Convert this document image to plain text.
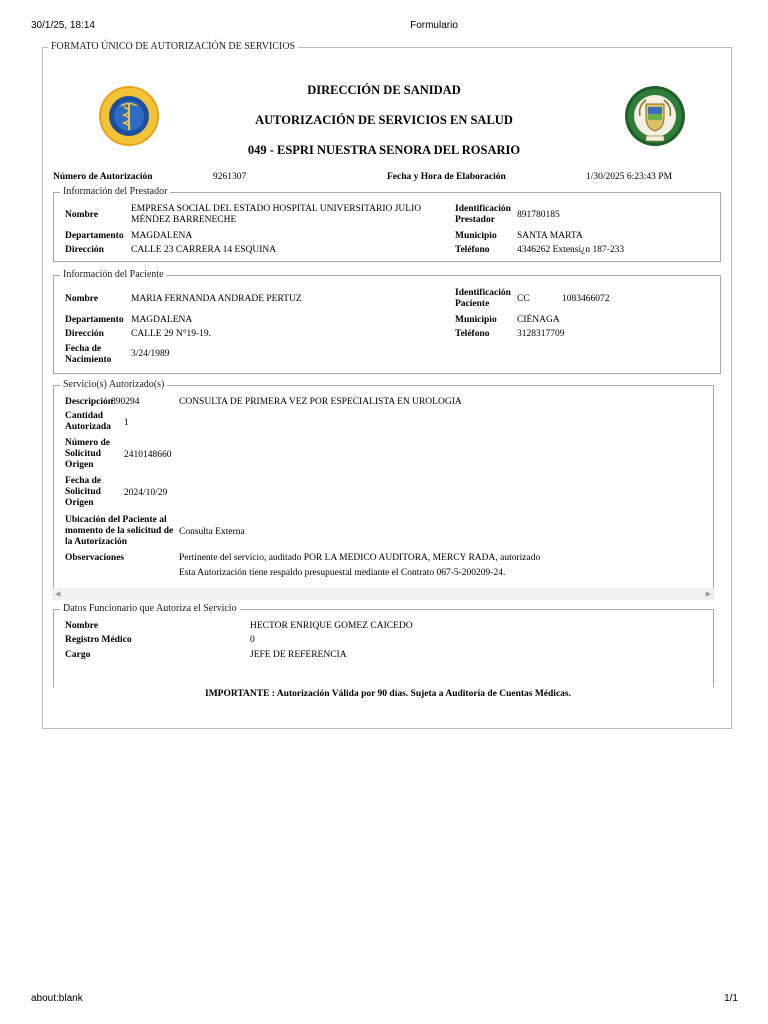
30/1/25, 18:14	Formulario
FORMATO ÚNICO DE AUTORIZACIÓN DE SERVICIOS
DIRECCIÓN DE SANIDAD
AUTORIZACIÓN DE SERVICIOS EN SALUD
049 - ESPRI NUESTRA SENORA DEL ROSARIO
Número de Autorización	9261307	Fecha y Hora de Elaboración	1/30/2025 6:23:43 PM
Información del Prestador
Nombre
EMPRESA SOCIAL DEL ESTADO HOSPITAL UNIVERSITARIO JULIO MÉNDEZ BARRENECHE
Identificación Prestador	891780185
Departamento MAGDALENA	Municipio SANTA MARTA
Dirección	CALLE 23 CARRERA 14 ESQUINA	Teléfono	4346262 Extensi¿n 187-233
Información del Paciente
Nombre	MARIA FERNANDA ANDRADE PERTUZ
Identificación Paciente	CC	1083466072
Departamento MAGDALENA	Municipio CIÉNAGA
Dirección	CALLE 29 N°19-19.	Teléfono	3128317709
Fecha de Nacimiento
3/24/1989
Servicio(s) Autorizado(s)
Descripción
890294	CONSULTA DE PRIMERA VEZ POR ESPECIALISTA EN UROLOGIA
Cantidad Autorizada	1
Número de Solicitud Origen
2410148660
Fecha de Solicitud Origen
2024/10/29
Ubicación del Paciente al momento de la solicitud de la Autorización
Consulta Externa
Observaciones	Pertinente del servicio, auditado POR LA MEDICO AUDITORA, MERCY RADA, autorizado
Esta Autorización tiene respaldo presupuestal mediante el Contrato 067-5-200209-24.
◀	▶
Datos Funcionario que Autoriza el Servicio
Nombre	HECTOR ENRIQUE GOMEZ CAICEDO
Registro Médico	0
Cargo	JEFE DE REFERENCIA
IMPORTANTE : Autorización Válida por 90 días. Sujeta a Auditoría de Cuentas Médicas.
about:blank	1/1
